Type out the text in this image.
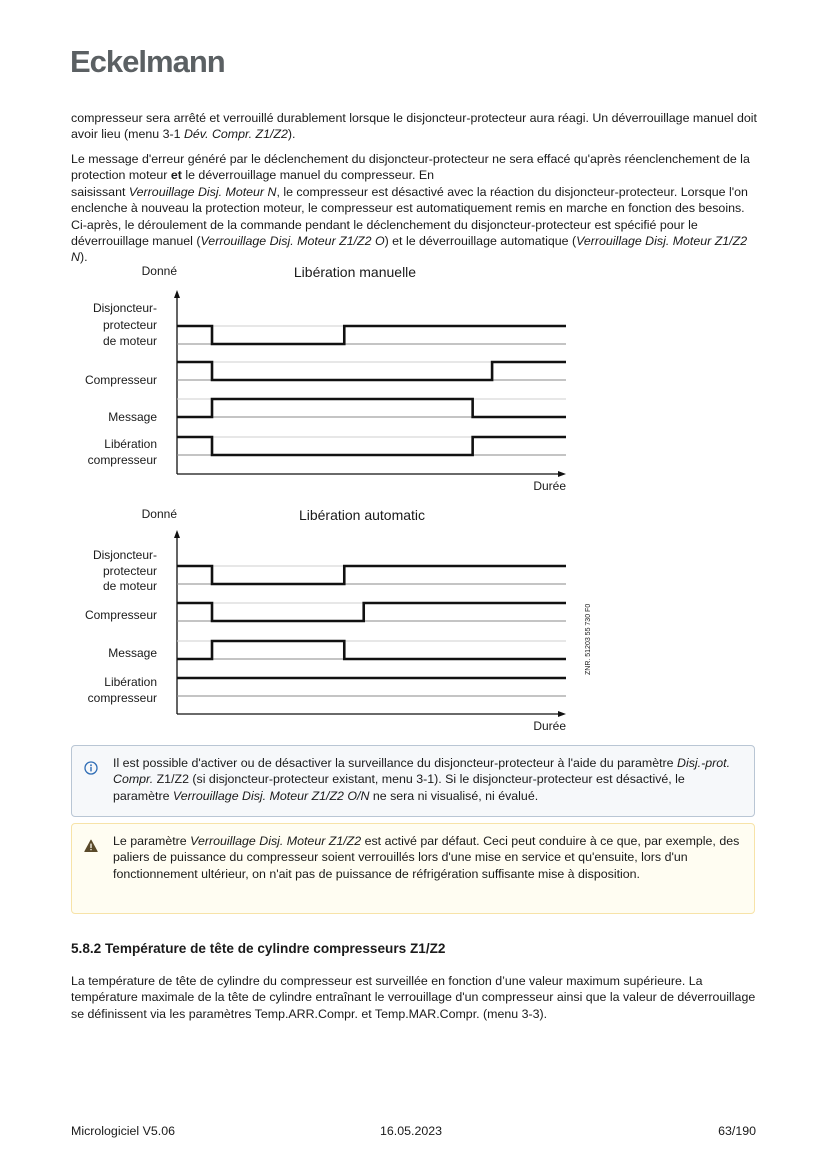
Eckelmann
compresseur sera arrêté et verrouillé durablement lorsque le disjoncteur-protecteur aura réagi. Un déverrouillage manuel doit avoir lieu (menu 3-1 Dév. Compr. Z1/Z2).
Le message d'erreur généré par le déclenchement du disjoncteur-protecteur ne sera effacé qu'après réenclenchement de la protection moteur et le déverrouillage manuel du compresseur. En
saisissant Verrouillage Disj. Moteur N, le compresseur est désactivé avec la réaction du disjoncteur-protecteur. Lorsque l'on enclenche à nouveau la protection moteur, le compresseur est automatiquement remis en marche en fonction des besoins. Ci-après, le déroulement de la commande pendant le déclenchement du disjoncteur-protecteur est spécifié pour le déverrouillage manuel (Verrouillage Disj. Moteur Z1/Z2 O) et le déverrouillage automatique (Verrouillage Disj. Moteur Z1/Z2 N).
Donné	Libération manuelle
Durée
Disjoncteur-
protecteur
de moteur
Compresseur
Message
Libération
compresseur
Donné	Libération automatic
Durée
Disjoncteur-
protecteur
de moteur
Compresseur
Message
Libération
compresseur
ZNR. 51203 55 730 F0
Il est possible d'activer ou de désactiver la surveillance du disjoncteur-protecteur à l'aide du paramètre Disj.-prot. Compr. Z1/Z2 (si disjoncteur-protecteur existant, menu 3-1). Si le disjoncteur-protecteur est désactivé, le paramètre Verrouillage Disj. Moteur Z1/Z2 O/N ne sera ni visualisé, ni évalué.
Le paramètre Verrouillage Disj. Moteur Z1/Z2 est activé par défaut. Ceci peut conduire à ce que, par exemple, des paliers de puissance du compresseur soient verrouillés lors d'une mise en service et qu'ensuite, lors d'un fonctionnement ultérieur, on n'ait pas de puissance de réfrigération suffisante mise à disposition.
5.8.2 Température de tête de cylindre compresseurs Z1/Z2
La température de tête de cylindre du compresseur est surveillée en fonction d’une valeur maximum supérieure. La température maximale de la tête de cylindre entraînant le verrouillage d'un compresseur ainsi que la valeur de déverrouillage se définissent via les paramètres Temp.ARR.Compr. et Temp.MAR.Compr. (menu 3-3).
Micrologiciel V5.06	16.05.2023	63/190
